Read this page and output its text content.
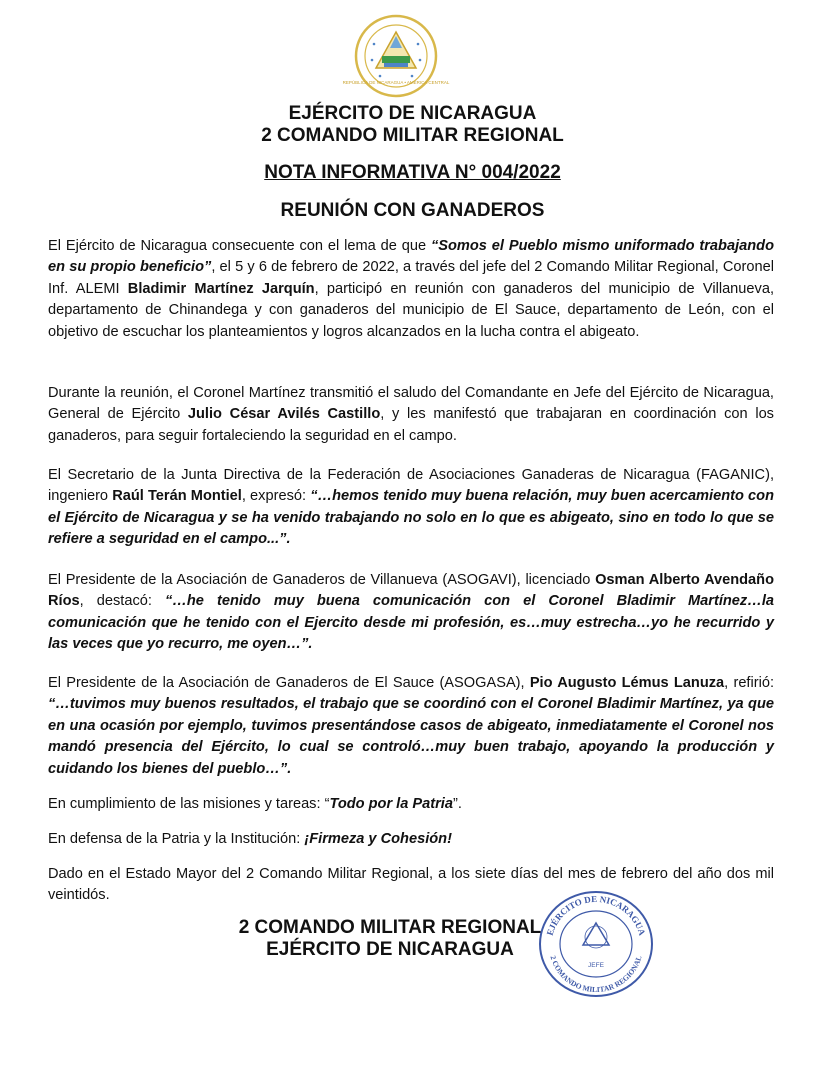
REPÚBLICA DE NICARAGUA • AMÉRICA CENTRAL
EJÉRCITO DE NICARAGUA
2 COMANDO MILITAR REGIONAL
NOTA INFORMATIVA N° 004/2022
REUNIÓN CON GANADEROS

El Ejército de Nicaragua consecuente con el lema de que “Somos el Pueblo mismo uniformado trabajando en su propio beneficio”, el 5 y 6 de febrero de 2022, a través del jefe del 2 Comando Militar Regional, Coronel Inf. ALEMI Bladimir Martínez Jarquín, participó en reunión con ganaderos del municipio de Villanueva, departamento de Chinandega y con ganaderos del municipio de El Sauce, departamento de León, con el objetivo de escuchar los planteamientos y logros alcanzados en la lucha contra el abigeato.

Durante la reunión, el Coronel Martínez transmitió el saludo del Comandante en Jefe del Ejército de Nicaragua, General de Ejército Julio César Avilés Castillo, y les manifestó que trabajaran en coordinación con los ganaderos, para seguir fortaleciendo la seguridad en el campo.

El Secretario de la Junta Directiva de la Federación de Asociaciones Ganaderas de Nicaragua (FAGANIC), ingeniero Raúl Terán Montiel, expresó: “…hemos tenido muy buena relación, muy buen acercamiento con el Ejército de Nicaragua y se ha venido trabajando no solo en lo que es abigeato, sino en todo lo que se refiere a seguridad en el campo...”.

El Presidente de la Asociación de Ganaderos de Villanueva (ASOGAVI), licenciado Osman Alberto Avendaño Ríos, destacó: “…he tenido muy buena comunicación con el Coronel Bladimir Martínez…la comunicación que he tenido con el Ejercito desde mi profesión, es…muy estrecha…yo he recurrido y las veces que yo recurro, me oyen…”.

El Presidente de la Asociación de Ganaderos de El Sauce (ASOGASA), Pio Augusto Lémus Lanuza, refirió: “…tuvimos muy buenos resultados, el trabajo que se coordinó con el Coronel Bladimir Martínez, ya que en una ocasión por ejemplo, tuvimos presentándose casos de abigeato, inmediatamente el Coronel nos mandó presencia del Ejército, lo cual se controló…muy buen trabajo, apoyando la producción y cuidando los bienes del pueblo…”.

En cumplimiento de las misiones y tareas: “Todo por la Patria”.

En defensa de la Patria y la Institución: ¡Firmeza y Cohesión!

Dado en el Estado Mayor del 2 Comando Militar Regional, a los siete días del mes de febrero del año dos mil veintidós.

2 COMANDO MILITAR REGIONAL
EJÉRCITO DE NICARAGUA
EJÉRCITO DE NICARAGUA
2 COMANDO MILITAR REGIONAL
JEFE
